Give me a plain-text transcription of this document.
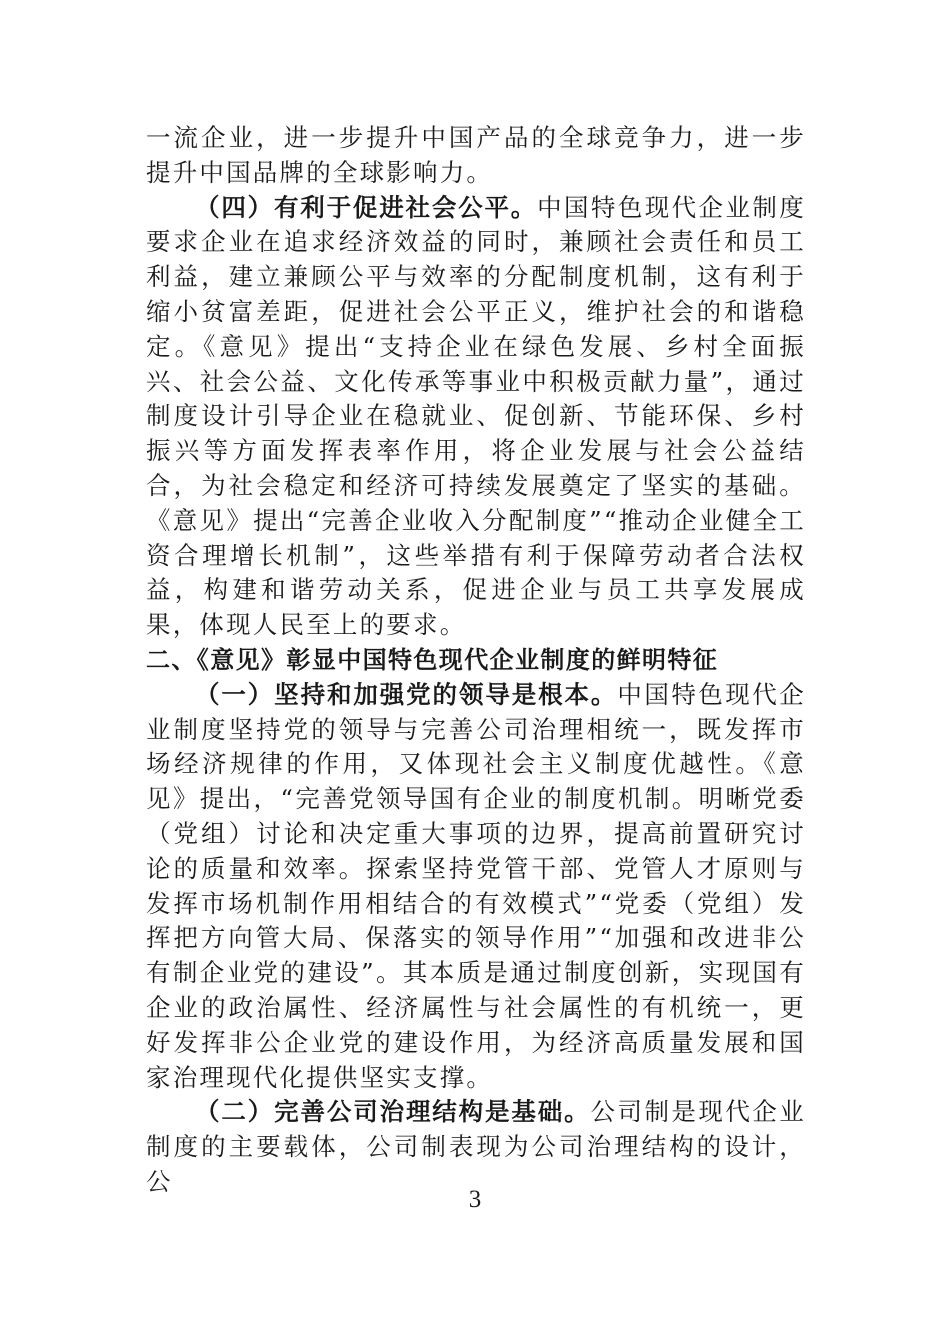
一流企业，进一步提升中国产品的全球竞争力，进一步提升中国品牌的全球影响力。

（四）有利于促进社会公平。中国特色现代企业制度要求企业在追求经济效益的同时，兼顾社会责任和员工利益，建立兼顾公平与效率的分配制度机制，这有利于缩小贫富差距，促进社会公平正义，维护社会的和谐稳定。《意见》提出“支持企业在绿色发展、乡村全面振兴、社会公益、文化传承等事业中积极贡献力量”，通过制度设计引导企业在稳就业、促创新、节能环保、乡村振兴等方面发挥表率作用，将企业发展与社会公益结合，为社会稳定和经济可持续发展奠定了坚实的基础。《意见》提出“完善企业收入分配制度”“推动企业健全工资合理增长机制”，这些举措有利于保障劳动者合法权益，构建和谐劳动关系，促进企业与员工共享发展成果，体现人民至上的要求。

二、《意见》彰显中国特色现代企业制度的鲜明特征

（一）坚持和加强党的领导是根本。中国特色现代企业制度坚持党的领导与完善公司治理相统一，既发挥市场经济规律的作用，又体现社会主义制度优越性。《意见》提出，“完善党领导国有企业的制度机制。明晰党委（党组）讨论和决定重大事项的边界，提高前置研究讨论的质量和效率。探索坚持党管干部、党管人才原则与发挥市场机制作用相结合的有效模式”“党委（党组）发挥把方向管大局、保落实的领导作用”“加强和改进非公有制企业党的建设”。其本质是通过制度创新，实现国有企业的政治属性、经济属性与社会属性的有机统一，更好发挥非公企业党的建设作用，为经济高质量发展和国家治理现代化提供坚实支撑。

（二）完善公司治理结构是基础。公司制是现代企业制度的主要载体，公司制表现为公司治理结构的设计，公

3
